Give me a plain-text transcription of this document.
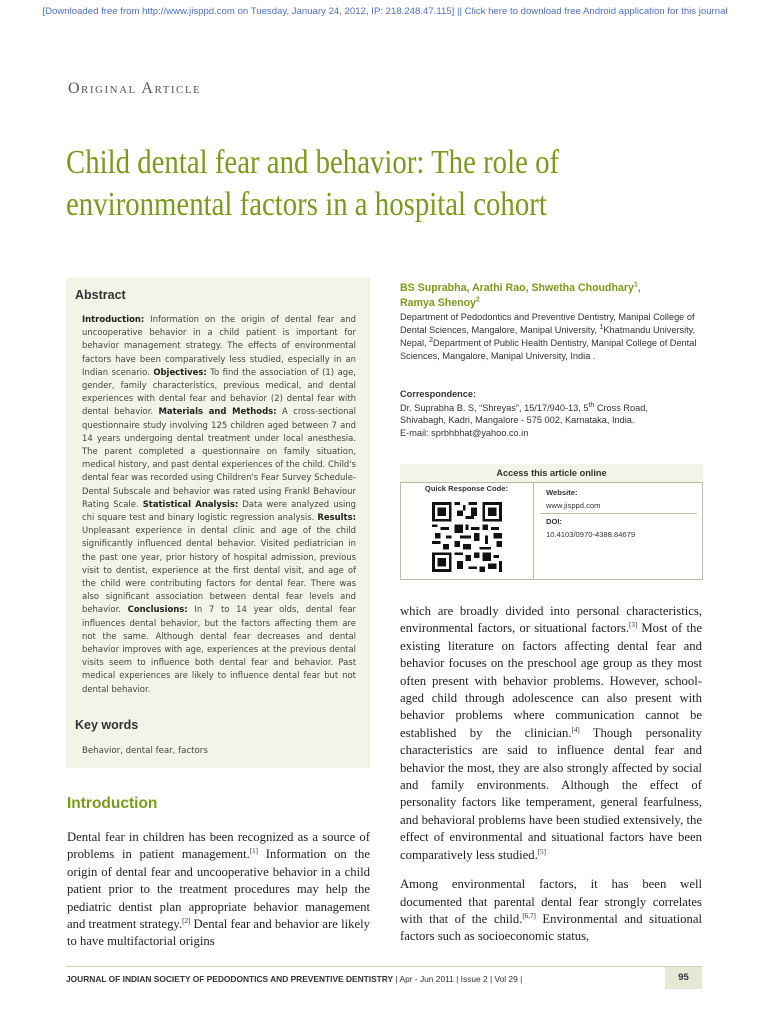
[Downloaded free from http://www.jisppd.com on Tuesday, January 24, 2012, IP: 218.248.47.115] || Click here to download free Android application for this journal
Original Article
Child dental fear and behavior: The role of
environmental factors in a hospital cohort
Abstract
Introduction: Information on the origin of dental fear and uncooperative behavior in a child patient is important for behavior management strategy. The effects of environmental factors have been comparatively less studied, especially in an Indian scenario. Objectives: To find the association of (1) age, gender, family characteristics, previous medical, and dental experiences with dental fear and behavior (2) dental fear with dental behavior. Materials and Methods: A cross-sectional questionnaire study involving 125 children aged between 7 and 14 years undergoing dental treatment under local anesthesia. The parent completed a questionnaire on family situation, medical history, and past dental experiences of the child. Child's dental fear was recorded using Children's Fear Survey Schedule-Dental Subscale and behavior was rated using Frankl Behaviour Rating Scale. Statistical Analysis: Data were analyzed using chi square test and binary logistic regression analysis. Results: Unpleasant experience in dental clinic and age of the child significantly influenced dental behavior. Visited pediatrician in the past one year, prior history of hospital admission, previous visit to dentist, experience at the first dental visit, and age of the child were contributing factors for dental fear. There was also significant association between dental fear levels and behavior. Conclusions: In 7 to 14 year olds, dental fear influences dental behavior, but the factors affecting them are not the same. Although dental fear decreases and dental behavior improves with age, experiences at the previous dental visits seem to influence both dental fear and behavior. Past medical experiences are likely to influence dental fear but not dental behavior.
Key words
Behavior, dental fear, factors
Introduction

Dental fear in children has been recognized as a source of problems in patient management.[1] Information on the origin of dental fear and uncooperative behavior in a child patient prior to the treatment procedures may help the pediatric dentist plan appropriate behavior management and treatment strategy.[2] Dental fear and behavior are likely to have multifactorial origins

BS Suprabha, Arathi Rao, Shwetha Choudhary$^1$,
Ramya Shenoy$^2$
Department of Pedodontics and Preventive Dentistry, Manipal College of Dental Sciences, Mangalore, Manipal University, $^1$Khatmandu University, Nepal, $^2$Department of Public Health Dentistry, Manipal College of Dental Sciences, Mangalore, Manipal University, India .
Correspondence:
Dr. Suprabha B. S, “Shreyas”, 15/17/940-13, 5th Cross Road,
Shivabagh, Kadri, Mangalore - 575 002, Karnataka, India.
E-mail: sprbhbhat@yahoo.co.in
Access this article online
Quick Response Code:	Website:
www.jisppd.com
DOI:
10.4103/0970-4388.84679

which are broadly divided into personal characteristics, environmental factors, or situational factors.[3] Most of the existing literature on factors affecting dental fear and behavior focuses on the preschool age group as they most often present with behavior problems. However, school-aged child through adolescence can also present with behavior problems where communication cannot be established by the clinician.[4] Though personality characteristics are said to influence dental fear and behavior the most, they are also strongly affected by social and family environments. Although the effect of personality factors like temperament, general fearfulness, and behavioral problems have been studied extensively, the effect of environmental and situational factors have been comparatively less studied.[5]

Among environmental factors, it has been well documented that parental dental fear strongly correlates with that of the child.[6,7] Environmental and situational factors such as socioeconomic status,

JOURNAL OF INDIAN SOCIETY OF PEDODONTICS AND PREVENTIVE DENTISTRY | Apr - Jun 2011 | Issue 2 | Vol 29 |	95
